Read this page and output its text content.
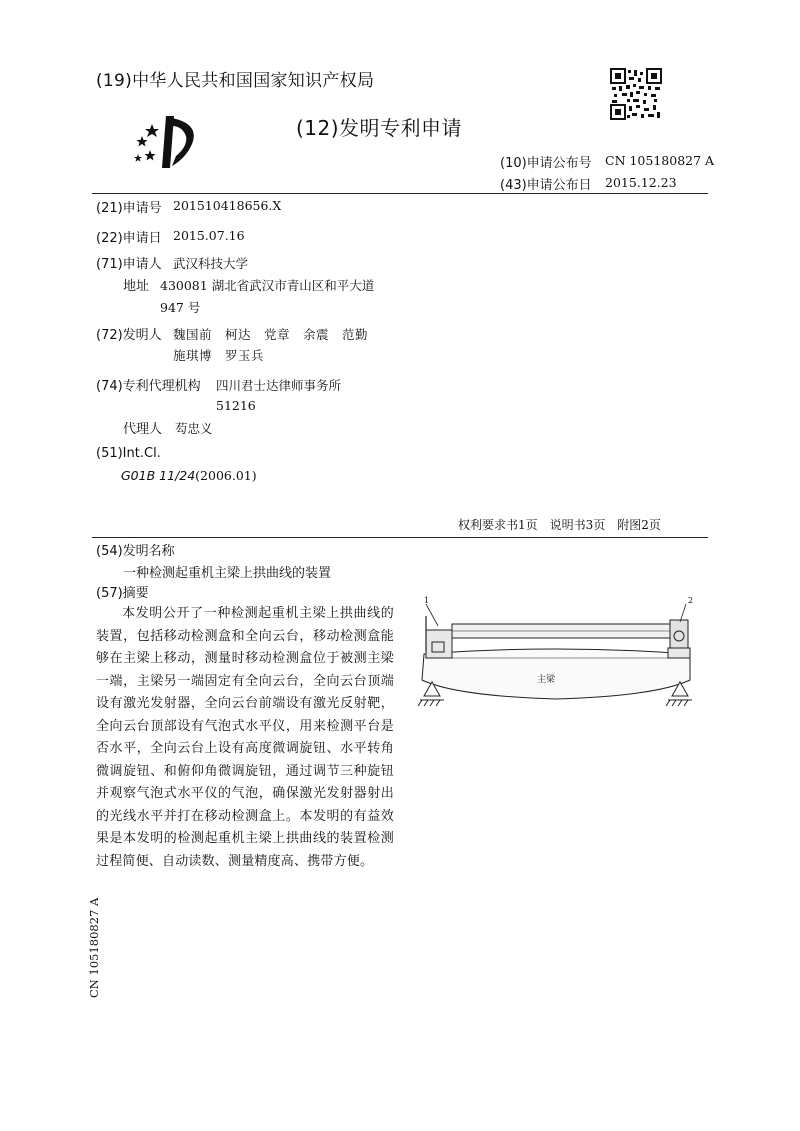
(19)中华人民共和国国家知识产权局
(12)发明专利申请
(10)申请公布号 CN 105180827 A
(43)申请公布日 2015.12.23
(21)申请号 201510418656.X
(22)申请日 2015.07.16
(71)申请人 武汉科技大学
地址 430081 湖北省武汉市青山区和平大道
947 号
(72)发明人 魏国前　柯达　党章　余震　范勤
施琪博　罗玉兵
(74)专利代理机构 四川君士达律师事务所
51216
代理人 芶忠义
(51)Int.Cl.
G01B 11/24(2006.01)
权利要求书1页　说明书3页　附图2页
(54)发明名称
一种检测起重机主梁上拱曲线的装置
(57)摘要
本发明公开了一种检测起重机主梁上拱曲线的装置，包括移动检测盒和全向云台，移动检测盒能够在主梁上移动，测量时移动检测盒位于被测主梁一端，主梁另一端固定有全向云台，全向云台顶端设有激光发射器，全向云台前端设有激光反射靶，全向云台顶部设有气泡式水平仪，用来检测平台是否水平，全向云台上设有高度微调旋钮、水平转角微调旋钮、和俯仰角微调旋钮，通过调节三种旋钮并观察气泡式水平仪的气泡，确保激光发射器射出的光线水平并打在移动检测盒上。本发明的有益效果是本发明的检测起重机主梁上拱曲线的装置检测过程简便、自动读数、测量精度高、携带方便。
1	2
主梁
CN 105180827 A
